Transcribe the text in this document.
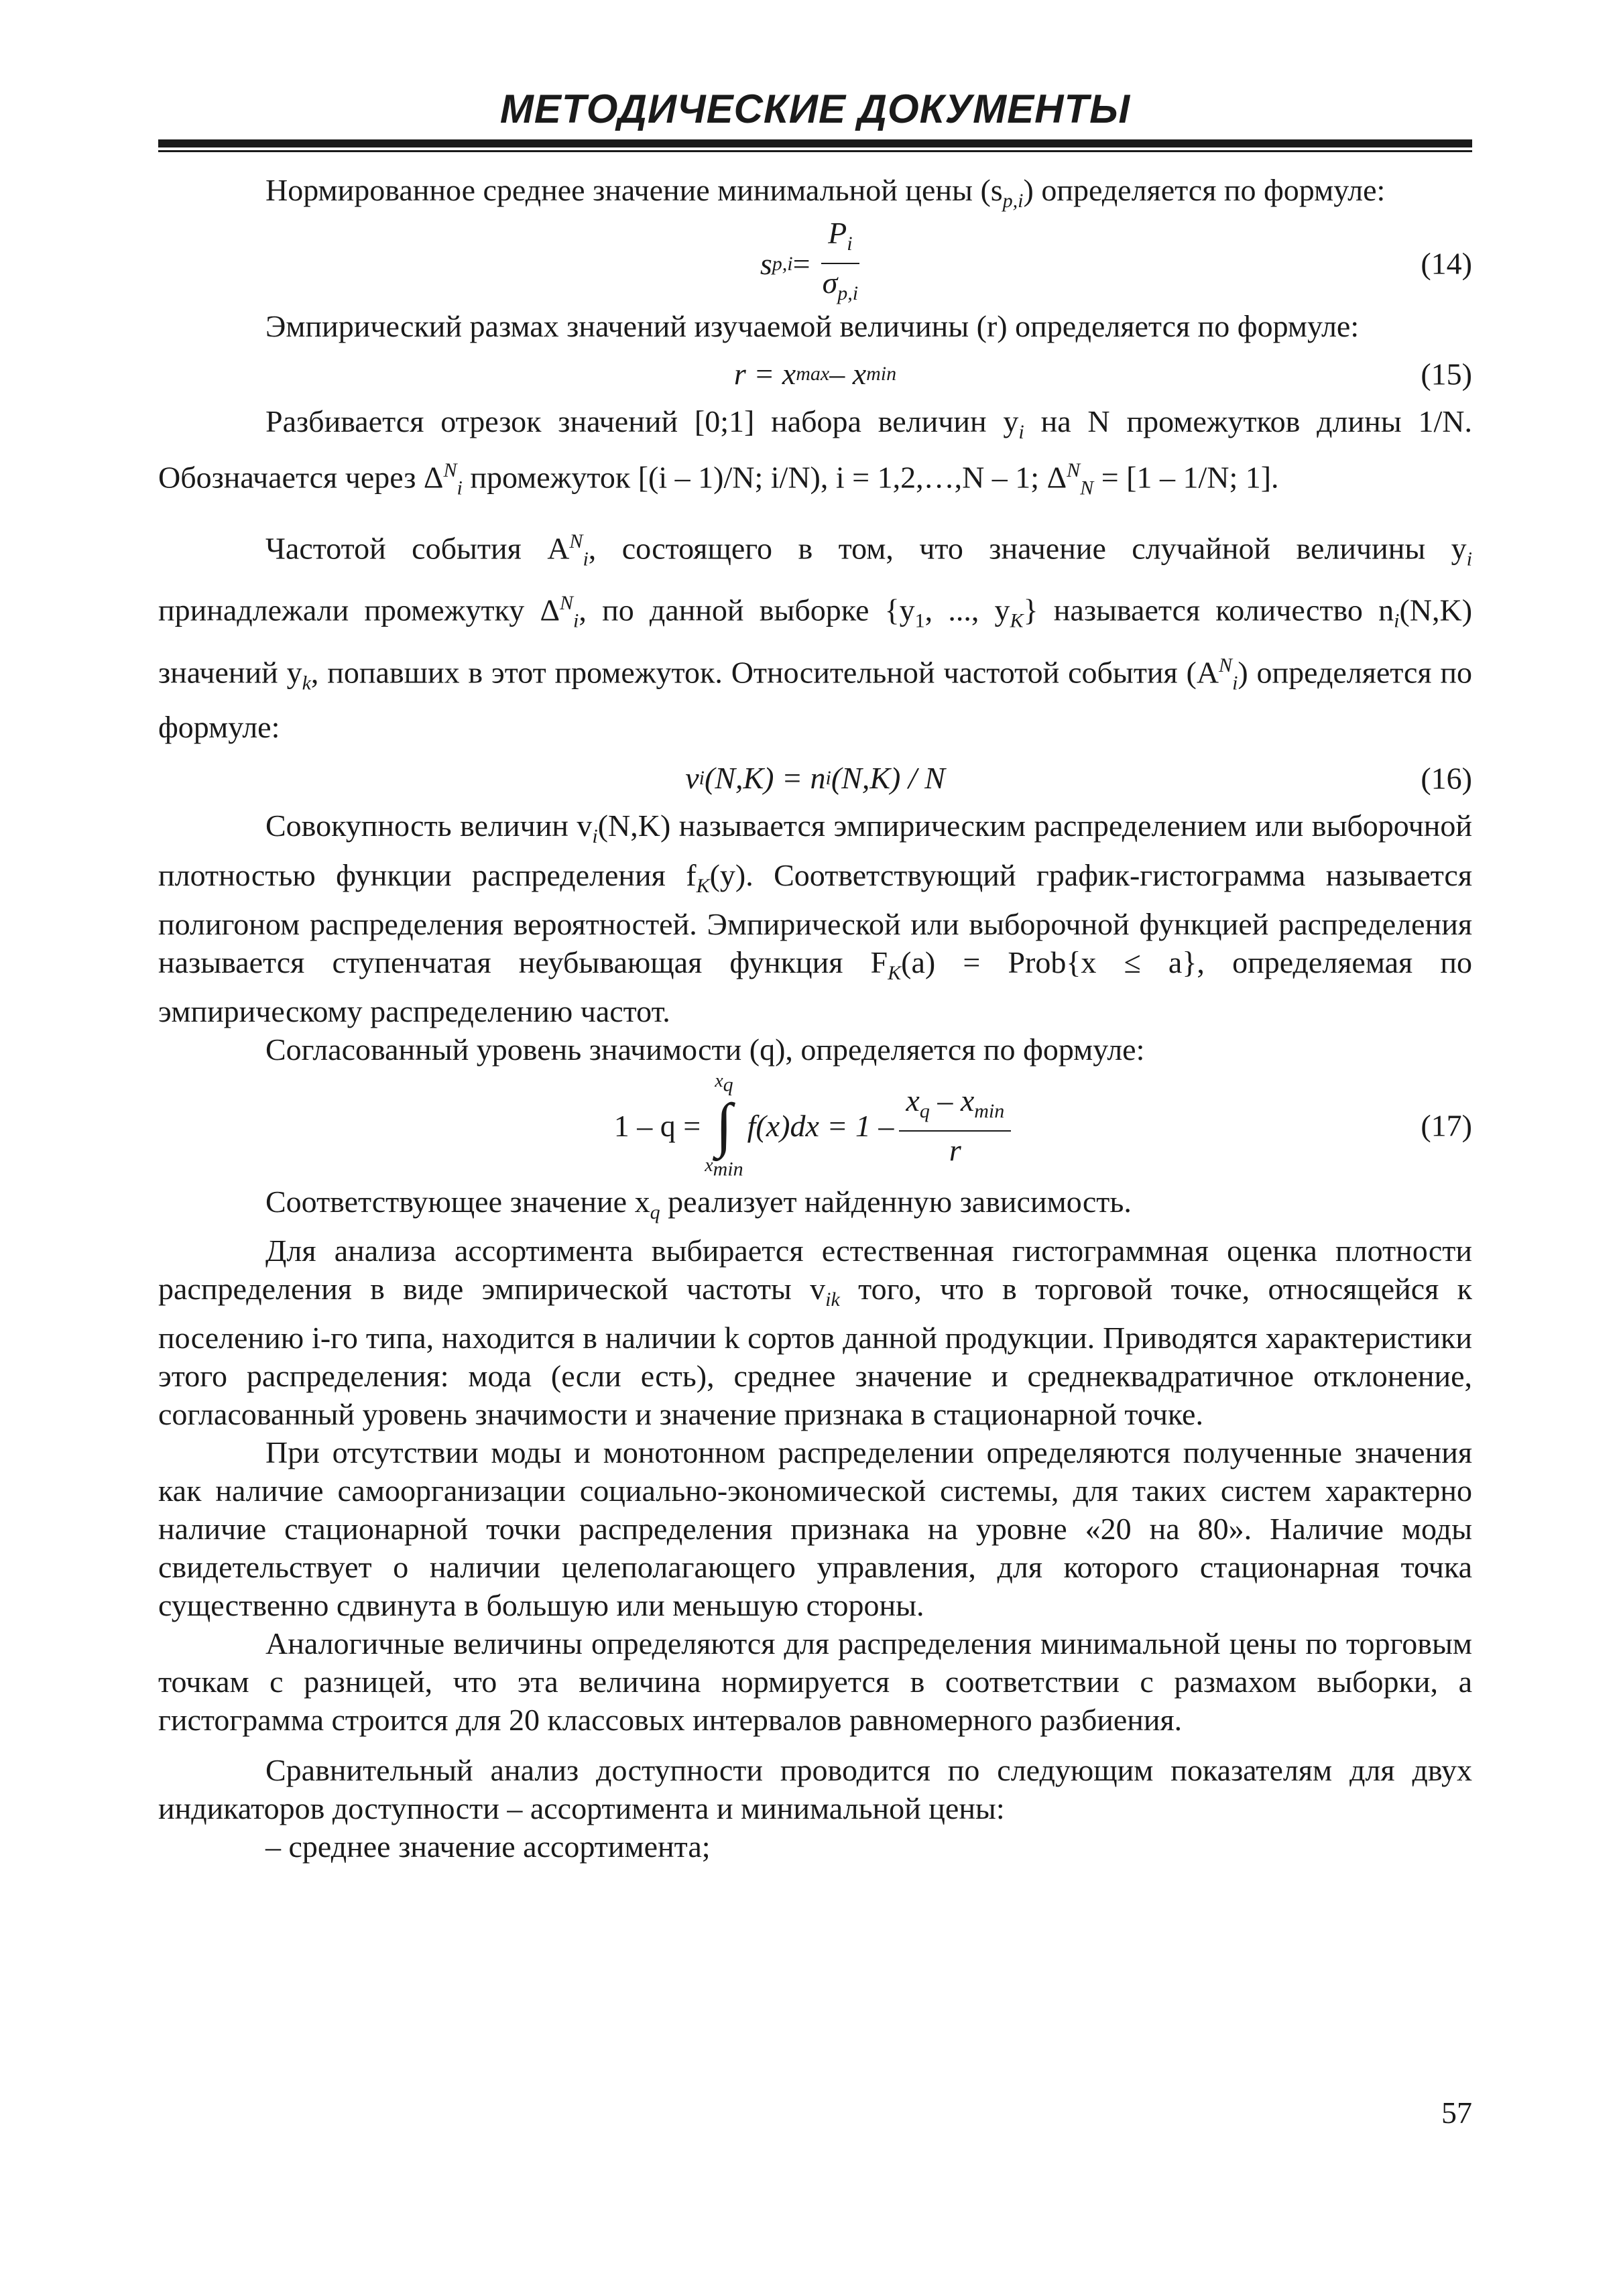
МЕТОДИЧЕСКИЕ ДОКУМЕНТЫ

Нормированное среднее значение минимальной цены $(s_{p,i})$ определяется по формуле:

s $p,i = \frac{P_i}{\sigma_{p,i}}$	(14)

Эмпирический размах значений изучаемой величины (r) определяется по формуле:

r = x max – x min	(15)

Разбивается отрезок значений [0;1] набора величин $y_i$ на N промежутков длины 1/N. Обозначается через $\Delta^N_i$ промежуток [(i – 1)/N; i/N), i = 1,2,…,N – 1; $\Delta^N_N = [1 - 1/N$; 1].

Частотой события $A^N_i$, состоящего в том, что значение случайной величины $y_i$ принадлежали промежутку $\Delta^N_i$, по данной выборке {$y_1$, ..., $y_K$} называется количество $n_i(N,K)$ значений $y_k$, попавших в этот промежуток. Относительной частотой события $(A^N_i)$ определяется по формуле:

v i (N,K) = n i (N,K) / N	(16)

Совокупность величин $v_i(N,K)$ называется эмпирическим распределением или выборочной плотностью функции распределения $f_K(y)$. Соответствующий график-гистограмма называется полигоном распределения вероятностей. Эмпирической или выборочной функцией распределения называется ступенчатая неубывающая функция $F_K(a)$ = Prob{x ≤ a}, определяемая по эмпирическому распределению частот.

Согласованный уровень значимости (q), определяется по формуле:

1 – q =
$x_q$
∫
$x_{min}$
$f(x)dx = 1 - \frac{x_q - x_{min}}{r}$	(17)

Соответствующее значение $x_q$ реализует найденную зависимость.

Для анализа ассортимента выбирается естественная гистограммная оценка плотности распределения в виде эмпирической частоты $v_{ik}$ того, что в торговой точке, относящейся к поселению i-го типа, находится в наличии k сортов данной продукции. Приводятся характеристики этого распределения: мода (если есть), среднее значение и среднеквадратичное отклонение, согласованный уровень значимости и значение признака в стационарной точке.

При отсутствии моды и монотонном распределении определяются полученные значения как наличие самоорганизации социально-экономической системы, для таких систем характерно наличие стационарной точки распределения признака на уровне «20 на 80». Наличие моды свидетельствует о наличии целеполагающего управления, для которого стационарная точка существенно сдвинута в большую или меньшую стороны.

Аналогичные величины определяются для распределения минимальной цены по торговым точкам с разницей, что эта величина нормируется в соответствии с размахом выборки, а гистограмма строится для 20 классовых интервалов равномерного разбиения.

Сравнительный анализ доступности проводится по следующим показателям для двух индикаторов доступности – ассортимента и минимальной цены:

– среднее значение ассортимента;

57
